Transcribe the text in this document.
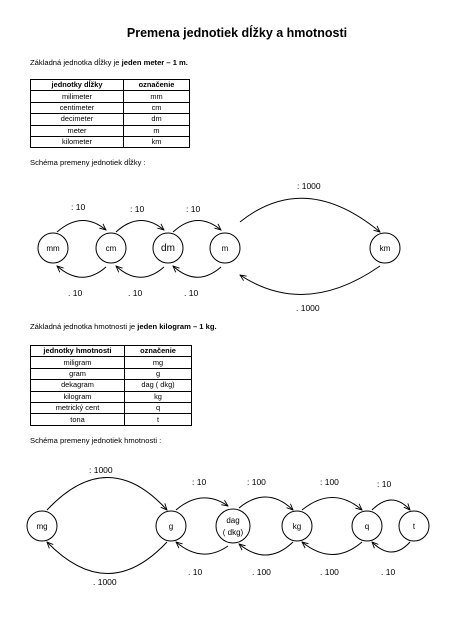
Premena jednotiek dĺžky a hmotnosti
Základná jednotka dĺžky je jeden meter – 1 m.
jednotky dĺžky	označenie
milimeter	mm
centimeter	cm
decimeter	dm
meter	m
kilometer	km
Schéma premeny jednotiek dĺžky :
Základná jednotka hmotnosti je jeden kilogram – 1 kg.
jednotky hmotnosti	označenie
miligram	mg
gram	g
dekagram	dag ( dkg)
kilogram	kg
metrický cent	q
tona	t
Schéma premeny jednotiek hmotnosti :
mm	cm	dm	m	km
: 10	: 10	: 10
: 1000
. 10	. 10	. 10
. 1000
mg	g
dag
( dkg)
kg	q	t
: 1000
: 10	: 100	: 100	: 10
. 1000
. 10	. 100	. 100	. 10
